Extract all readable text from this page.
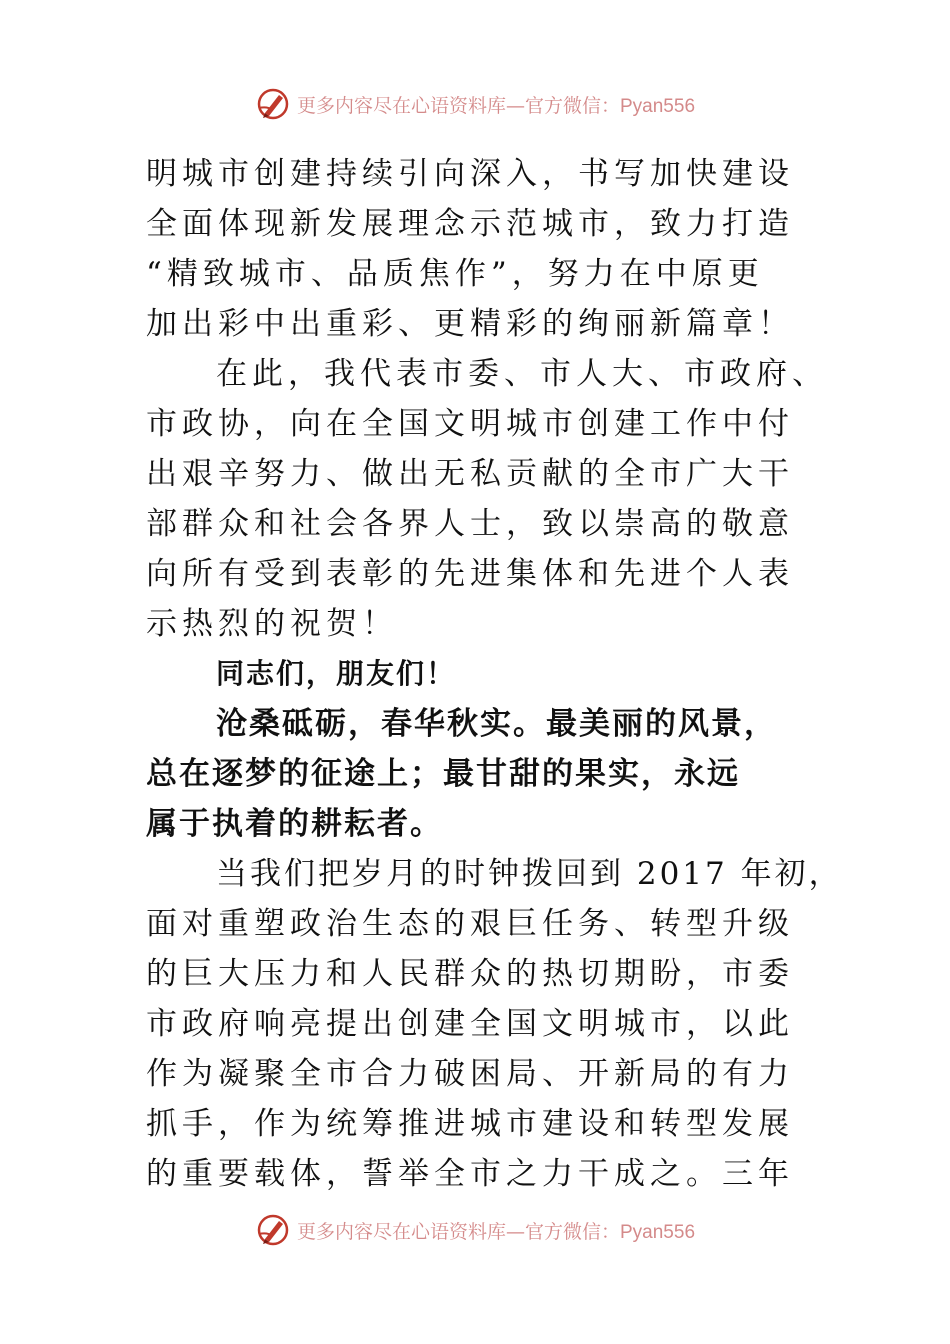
更多内容尽在心语资料库—官方微信：Pyan556
明城市创建持续引向深入，书写加快建设
全面体现新发展理念示范城市，致力打造
“精致城市、品质焦作”，努力在中原更
加出彩中出重彩、更精彩的绚丽新篇章！
在此，我代表市委、市人大、市政府、
市政协，向在全国文明城市创建工作中付
出艰辛努力、做出无私贡献的全市广大干
部群众和社会各界人士，致以崇高的敬意
向所有受到表彰的先进集体和先进个人表
示热烈的祝贺！
同志们，朋友们！
沧桑砥砺，春华秋实。最美丽的风景，
总在逐梦的征途上；最甘甜的果实，永远
属于执着的耕耘者。
当我们把岁月的时钟拨回到 2017 年初，
面对重塑政治生态的艰巨任务、转型升级
的巨大压力和人民群众的热切期盼，市委
市政府响亮提出创建全国文明城市，以此
作为凝聚全市合力破困局、开新局的有力
抓手，作为统筹推进城市建设和转型发展
的重要载体，誓举全市之力干成之。三年
更多内容尽在心语资料库—官方微信：Pyan556
